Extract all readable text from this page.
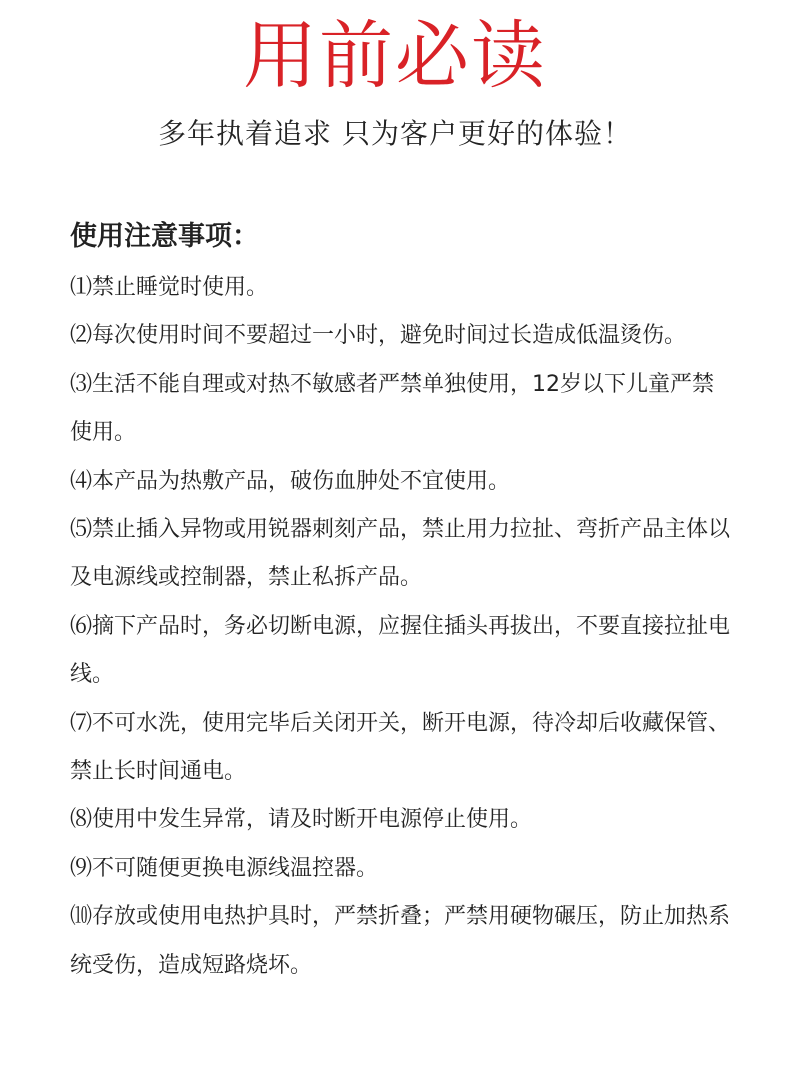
用前必读
多年执着追求 只为客户更好的体验！
使用注意事项：
⑴禁止睡觉时使用。
⑵每次使用时间不要超过一小时，避免时间过长造成低温烫伤。
⑶生活不能自理或对热不敏感者严禁单独使用，12岁以下儿童严禁使用。
⑷本产品为热敷产品，破伤血肿处不宜使用。
⑸禁止插入异物或用锐器刺刻产品，禁止用力拉扯、弯折产品主体以及电源线或控制器，禁止私拆产品。
⑹摘下产品时，务必切断电源，应握住插头再拔出，不要直接拉扯电线。
⑺不可水洗，使用完毕后关闭开关，断开电源，待冷却后收藏保管、禁止长时间通电。
⑻使用中发生异常，请及时断开电源停止使用。
⑼不可随便更换电源线温控器。
⑽存放或使用电热护具时，严禁折叠；严禁用硬物碾压，防止加热系统受伤，造成短路烧坏。
